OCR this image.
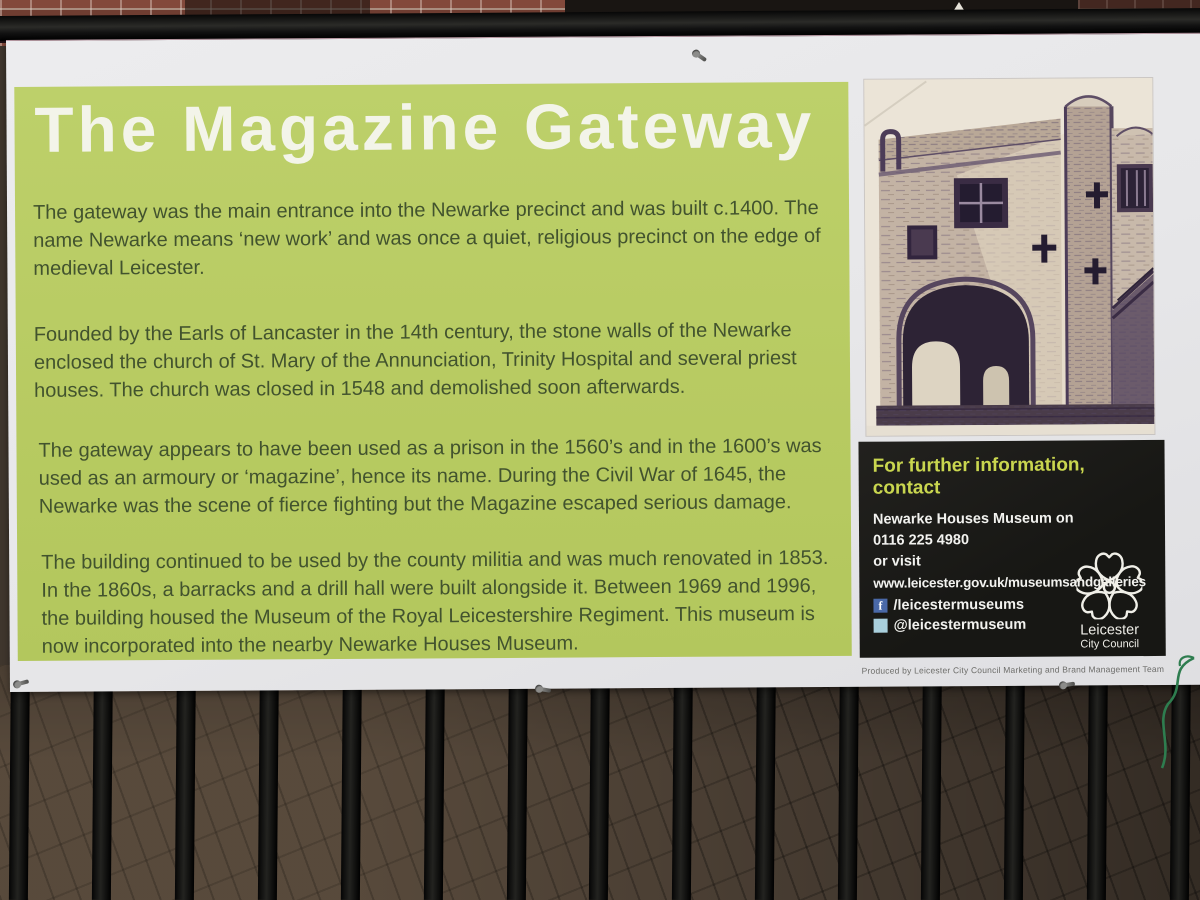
The Magazine Gateway

The gateway was the main entrance into the Newarke precinct and was built c.1400. The name Newarke means ‘new work’ and was once a quiet, religious precinct on the edge of medieval Leicester.

Founded by the Earls of Lancaster in the 14th century, the stone walls of the Newarke enclosed the church of St. Mary of the Annunciation, Trinity Hospital and several priest houses. The church was closed in 1548 and demolished soon afterwards.

The gateway appears to have been used as a prison in the 1560’s and in the 1600’s was used as an armoury or ‘magazine’, hence its name. During the Civil War of 1645, the Newarke was the scene of fierce fighting but the Magazine escaped serious damage.

The building continued to be used by the county militia and was much renovated in 1853. In the 1860s, a barracks and a drill hall were built alongside it. Between 1969 and 1996, the building housed the Museum of the Royal Leicestershire Regiment. This museum is now incorporated into the nearby Newarke Houses Museum.

For further information, contact
Newarke Houses Museum on
0116 225 4980
or visit
www.leicester.gov.uk/museumsandgalleries
f /leicestermuseums
@leicestermuseum	Leicester
City Council
Produced by Leicester City Council Marketing and Brand Management Team
